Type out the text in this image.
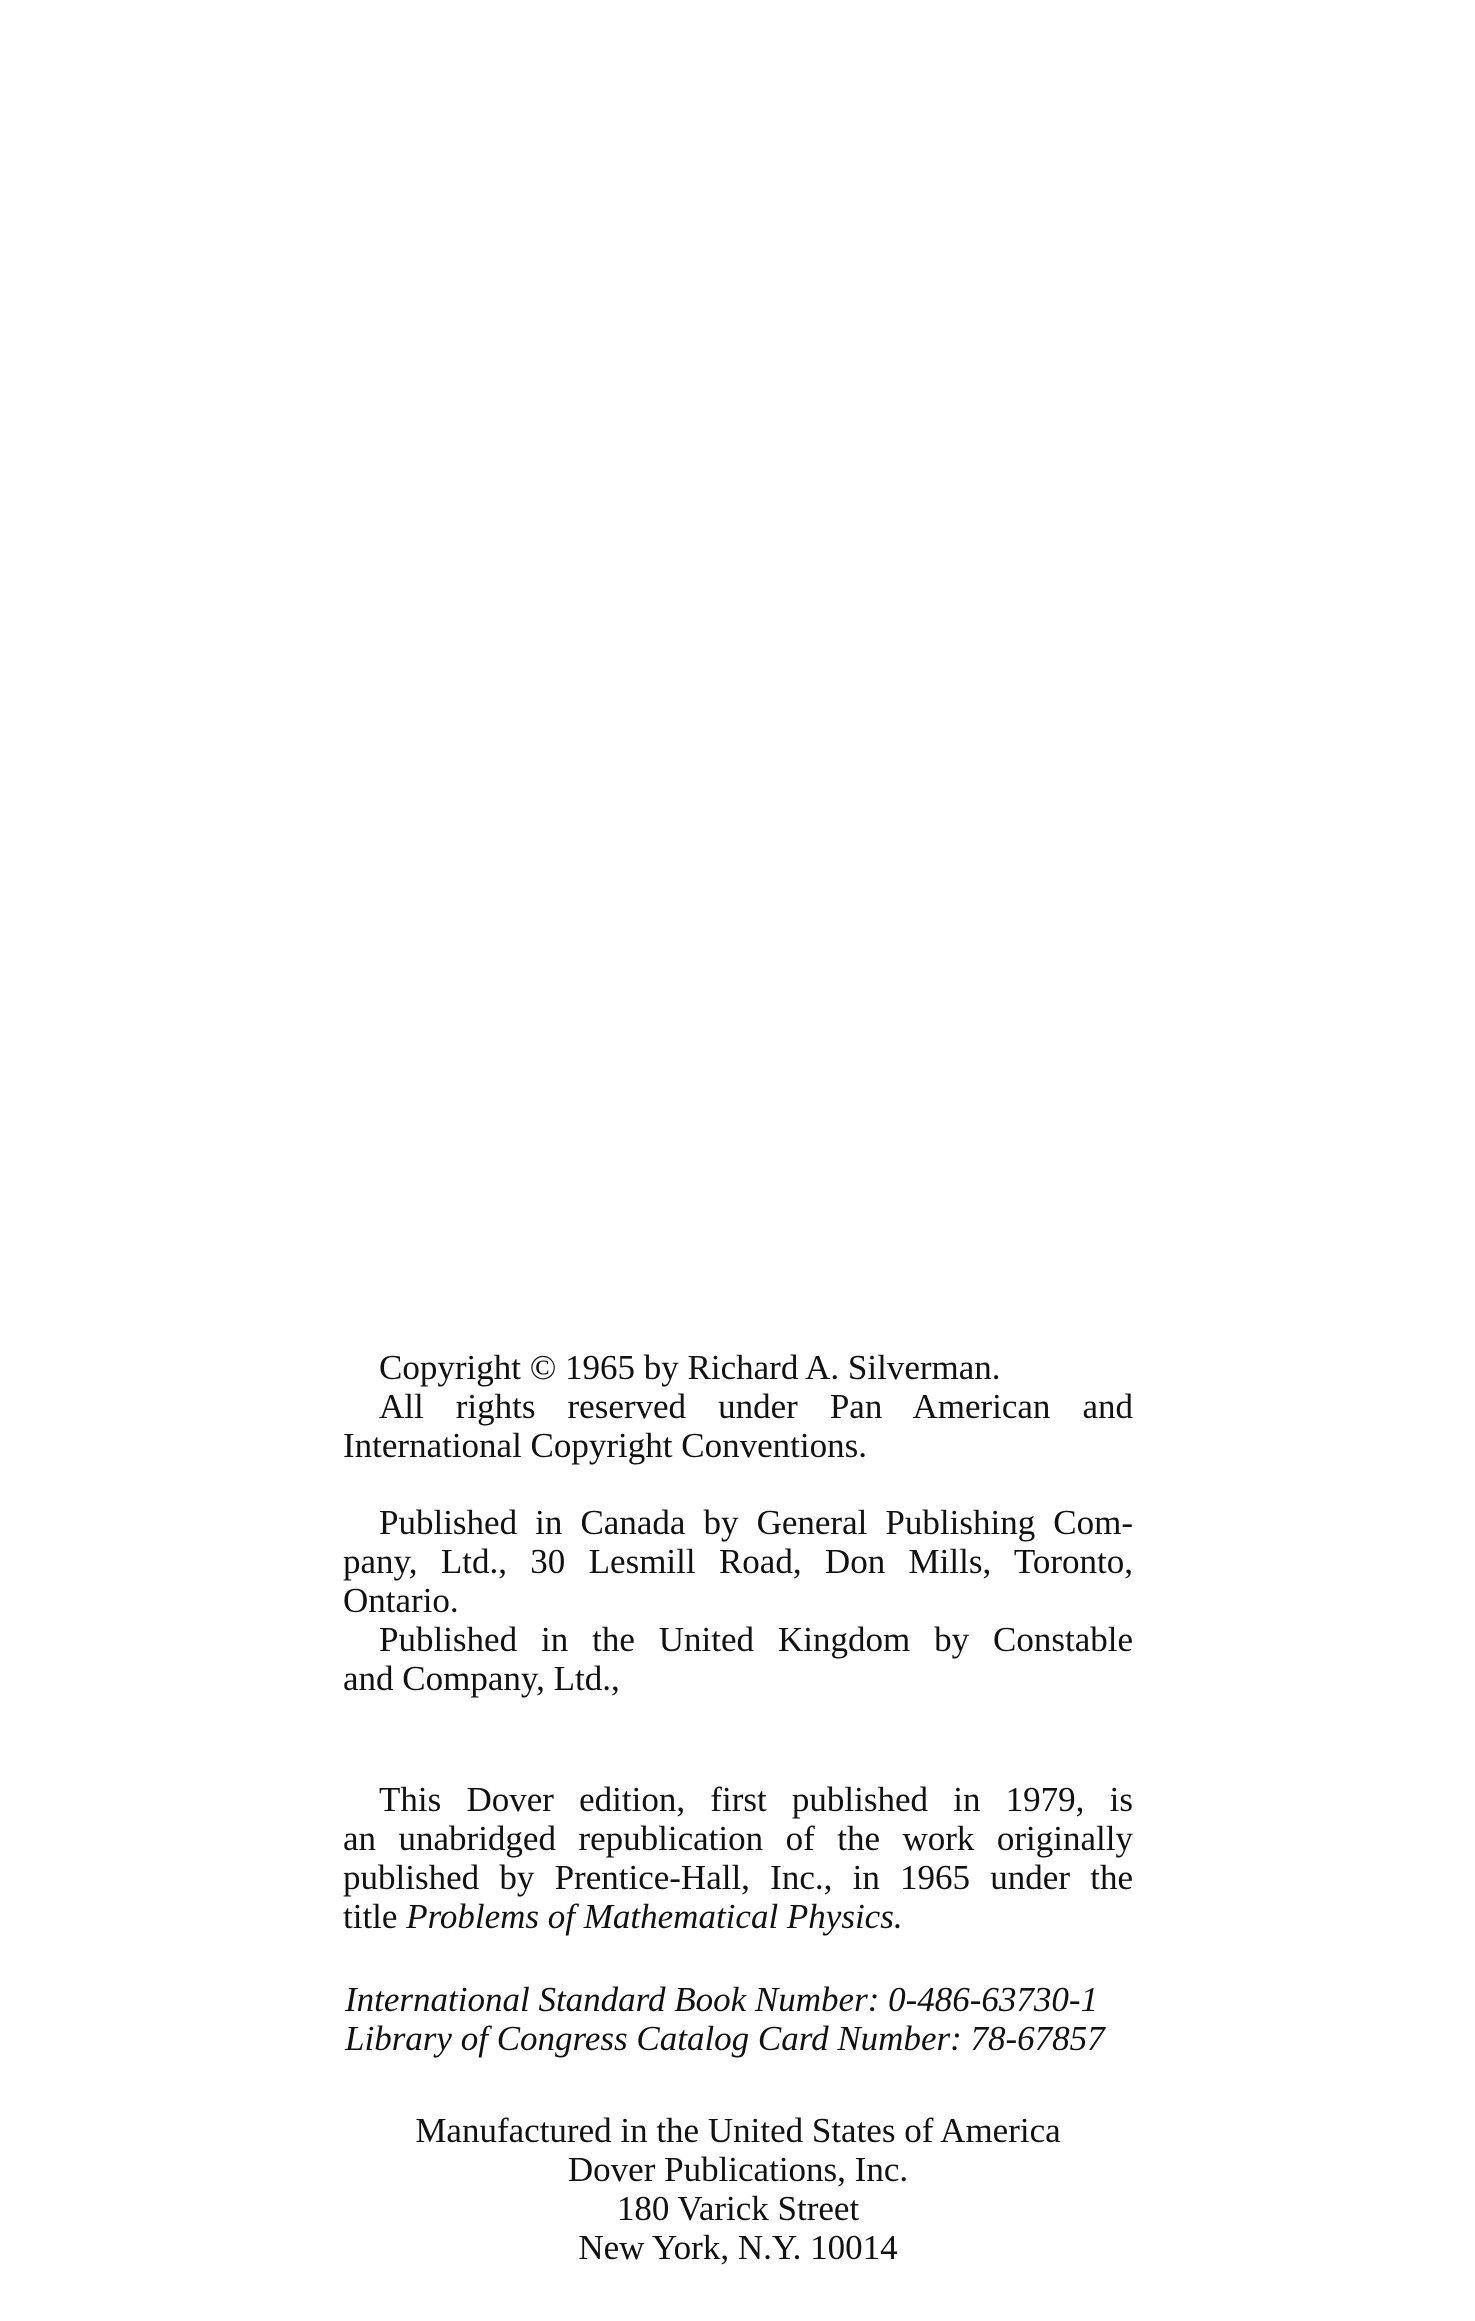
Copyright © 1965 by Richard A. Silverman.
All rights reserved under Pan American and
International Copyright Conventions.
Published in Canada by General Publishing Com-
pany, Ltd., 30 Lesmill Road, Don Mills, Toronto,
Ontario.
Published in the United Kingdom by Constable
and Company, Ltd.,
This Dover edition, first published in 1979, is
an unabridged republication of the work originally
published by Prentice-Hall, Inc., in 1965 under the
title Problems of Mathematical Physics.
International Standard Book Number: 0-486-63730-1
Library of Congress Catalog Card Number: 78-67857
Manufactured in the United States of America
Dover Publications, Inc.
180 Varick Street
New York, N.Y. 10014
